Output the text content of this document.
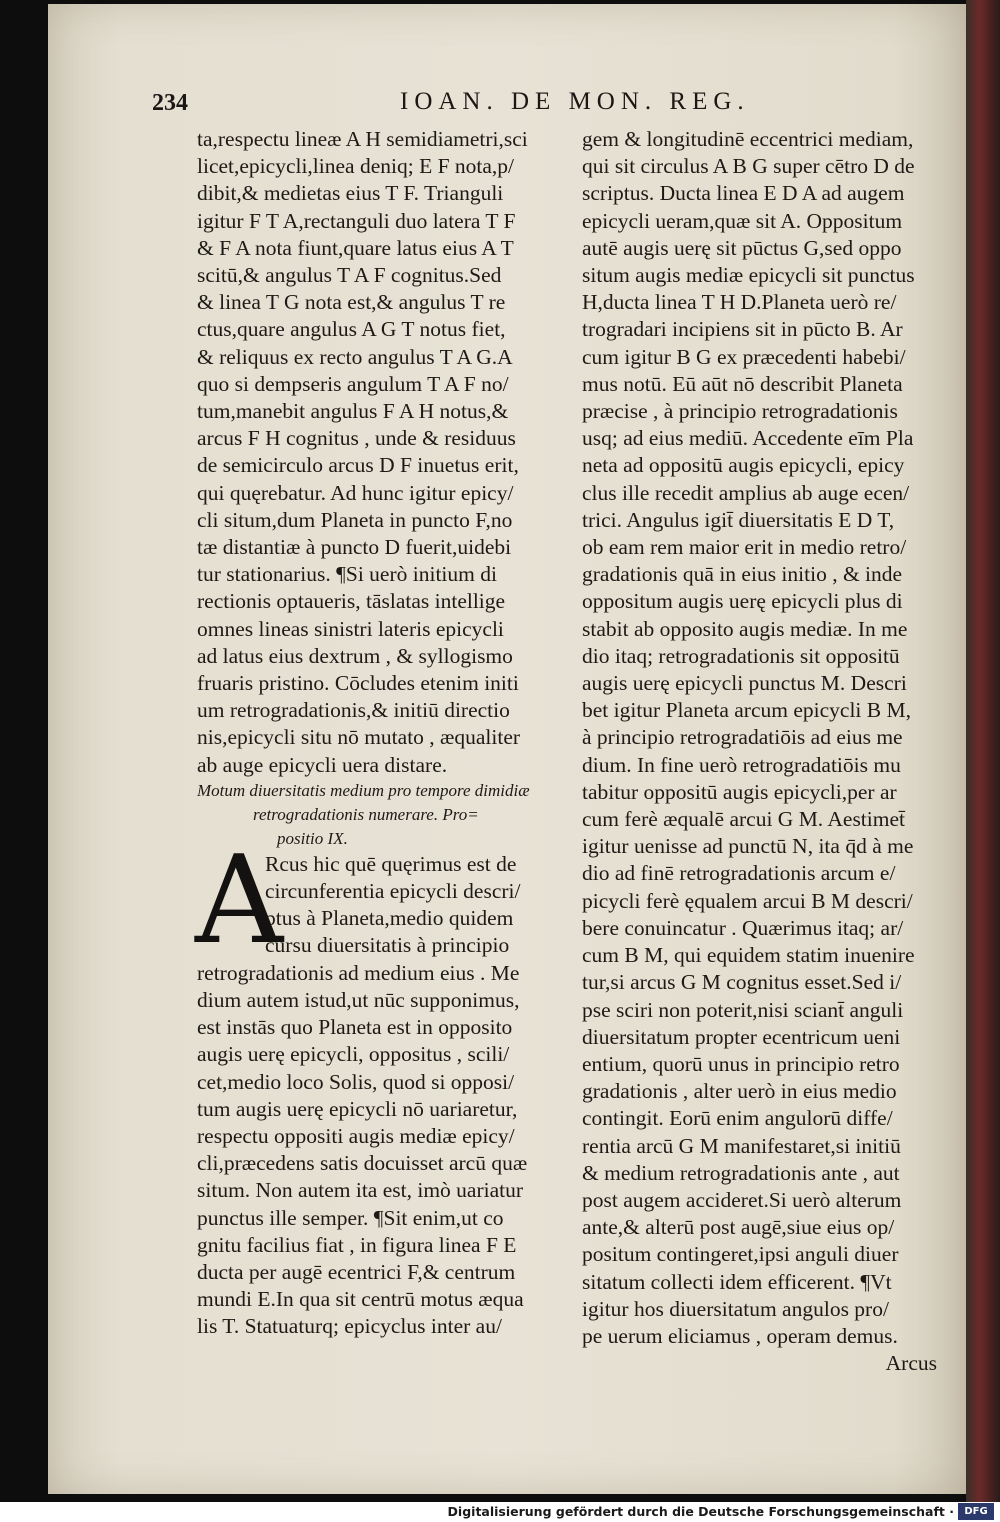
234	IOAN. DE MON. REG.
ta,respectu lineæ A H semidiametri,sci
licet,epicycli,linea deniq; E F nota,p/
dibit,& medietas eius T F. Trianguli
igitur F T A,rectanguli duo latera T F
& F A nota fiunt,quare latus eius A T
scitū,& angulus T A F cognitus.Sed
& linea T G nota est,& angulus T re
ctus,quare angulus A G T notus fiet,
& reliquus ex recto angulus T A G.A
quo si dempseris angulum T A F no/
tum,manebit angulus F A H notus,&
arcus F H cognitus , unde & residuus
de semicirculo arcus D F inuetus erit,
qui quęrebatur. Ad hunc igitur epicy/
cli situm,dum Planeta in puncto F,no
tæ distantiæ à puncto D fuerit,uidebi
tur stationarius. ¶Si uerò initium di
rectionis optaueris, tāslatas intellige
omnes lineas sinistri lateris epicycli
ad latus eius dextrum , & syllogismo
fruaris pristino. Cōcludes etenim initi
um retrogradationis,& initiū directio
nis,epicycli situ nō mutato , æqualiter
ab auge epicycli uera distare.
Motum diuersitatis medium pro tempore dimidiæ
retrogradationis numerare. Pro=
positio IX.
A
Rcus hic quē quęrimus est de
circunferentia epicycli descri/
ptus à Planeta,medio quidem
cursu diuersitatis à principio
retrogradationis ad medium eius . Me
dium autem istud,ut nūc supponimus,
est instās quo Planeta est in opposito
augis uerę epicycli, oppositus , scili/
cet,medio loco Solis, quod si opposi/
tum augis uerę epicycli nō uariaretur,
respectu oppositi augis mediæ epicy/
cli,præcedens satis docuisset arcū quæ
situm. Non autem ita est, imò uariatur
punctus ille semper. ¶Sit enim,ut co
gnitu facilius fiat , in figura linea F E
ducta per augē ecentrici F,& centrum
mundi E.In qua sit centrū motus æqua
lis T. Statuaturq; epicyclus inter au/
gem & longitudinē eccentrici mediam,
qui sit circulus A B G super cētro D de
scriptus. Ducta linea E D A ad augem
epicycli ueram,quæ sit A. Oppositum
autē augis uerę sit pūctus G,sed oppo
situm augis mediæ epicycli sit punctus
H,ducta linea T H D.Planeta uerò re/
trogradari incipiens sit in pūcto B. Ar
cum igitur B G ex præcedenti habebi/
mus notū. Eū aūt nō describit Planeta
præcise , à principio retrogradationis
usq; ad eius mediū. Accedente eīm Pla
neta ad oppositū augis epicycli, epicy
clus ille recedit amplius ab auge ecen/
trici. Angulus igit̄ diuersitatis E D T,
ob eam rem maior erit in medio retro/
gradationis quā in eius initio , & inde
oppositum augis uerę epicycli plus di
stabit ab opposito augis mediæ. In me
dio itaq; retrogradationis sit oppositū
augis uerę epicycli punctus M. Descri
bet igitur Planeta arcum epicycli B M,
à principio retrogradatiōis ad eius me
dium. In fine uerò retrogradatiōis mu
tabitur oppositū augis epicycli,per ar
cum ferè æqualē arcui G M. Aestimet̄
igitur uenisse ad punctū N, ita q̄d à me
dio ad finē retrogradationis arcum e/
picycli ferè ęqualem arcui B M descri/
bere conuincatur . Quærimus itaq; ar/
cum B M, qui equidem statim inuenire
tur,si arcus G M cognitus esset.Sed i/
pse sciri non poterit,nisi sciant̄ anguli
diuersitatum propter ecentricum ueni
entium, quorū unus in principio retro
gradationis , alter uerò in eius medio
contingit. Eorū enim angulorū diffe/
rentia arcū G M manifestaret,si initiū
& medium retrogradationis ante , aut
post augem accideret.Si uerò alterum
ante,& alterū post augē,siue eius op/
positum contingeret,ipsi anguli diuer
sitatum collecti idem efficerent. ¶Vt
igitur hos diuersitatum angulos pro/
pe uerum eliciamus , operam demus.
Arcus
Digitalisierung gefördert durch die Deutsche Forschungsgemeinschaft ·	DFG
